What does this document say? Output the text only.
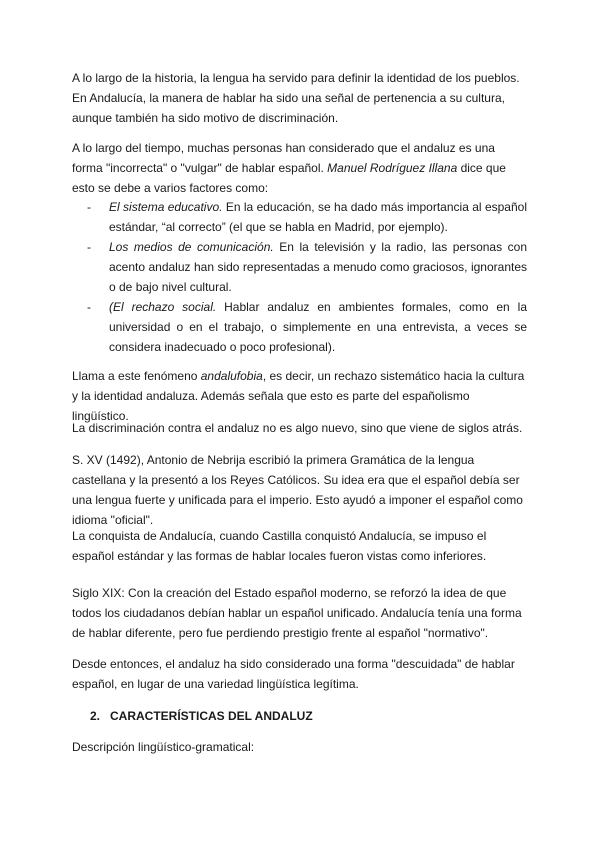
A lo largo de la historia, la lengua ha servido para definir la identidad de los pueblos. En Andalucía, la manera de hablar ha sido una señal de pertenencia a su cultura, aunque también ha sido motivo de discriminación.

A lo largo del tiempo, muchas personas han considerado que el andaluz es una forma "incorrecta" o "vulgar" de hablar español. Manuel Rodríguez Illana dice que esto se debe a varios factores como:

- El sistema educativo. En la educación, se ha dado más importancia al español estándar, “al correcto” (el que se habla en Madrid, por ejemplo).
- Los medios de comunicación. En la televisión y la radio, las personas con acento andaluz han sido representadas a menudo como graciosos, ignorantes o de bajo nivel cultural.
- (El rechazo social. Hablar andaluz en ambientes formales, como en la universidad o en el trabajo, o simplemente en una entrevista, a veces se considera inadecuado o poco profesional).

Llama a este fenómeno andalufobia, es decir, un rechazo sistemático hacia la cultura y la identidad andaluza. Además señala que esto es parte del españolismo lingüístico.

La discriminación contra el andaluz no es algo nuevo, sino que viene de siglos atrás.

S. XV (1492), Antonio de Nebrija escribió la primera Gramática de la lengua castellana y la presentó a los Reyes Católicos. Su idea era que el español debía ser una lengua fuerte y unificada para el imperio. Esto ayudó a imponer el español como idioma "oficial".

La conquista de Andalucía, cuando Castilla conquistó Andalucía, se impuso el español estándar y las formas de hablar locales fueron vistas como inferiores.

Siglo XIX: Con la creación del Estado español moderno, se reforzó la idea de que todos los ciudadanos debían hablar un español unificado. Andalucía tenía una forma de hablar diferente, pero fue perdiendo prestigio frente al español "normativo".

Desde entonces, el andaluz ha sido considerado una forma "descuidada" de hablar español, en lugar de una variedad lingüística legítima.

2. CARACTERÍSTICAS DEL ANDALUZ

Descripción lingüístico-gramatical:
